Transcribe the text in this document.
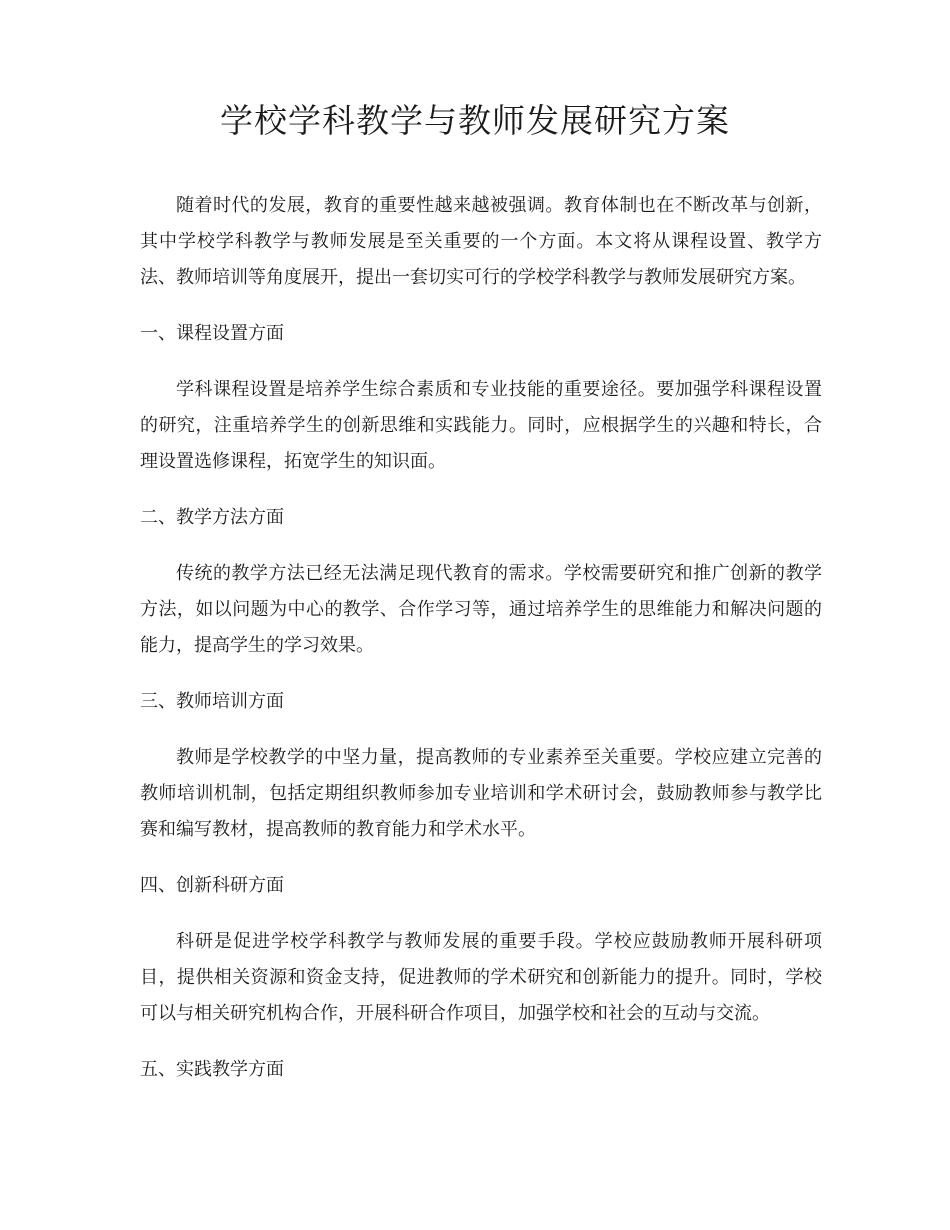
学校学科教学与教师发展研究方案

随着时代的发展，教育的重要性越来越被强调。教育体制也在不断改革与创新，其中学校学科教学与教师发展是至关重要的一个方面。本文将从课程设置、教学方法、教师培训等角度展开，提出一套切实可行的学校学科教学与教师发展研究方案。

一、课程设置方面

学科课程设置是培养学生综合素质和专业技能的重要途径。要加强学科课程设置的研究，注重培养学生的创新思维和实践能力。同时，应根据学生的兴趣和特长，合理设置选修课程，拓宽学生的知识面。

二、教学方法方面

传统的教学方法已经无法满足现代教育的需求。学校需要研究和推广创新的教学方法，如以问题为中心的教学、合作学习等，通过培养学生的思维能力和解决问题的能力，提高学生的学习效果。

三、教师培训方面

教师是学校教学的中坚力量，提高教师的专业素养至关重要。学校应建立完善的教师培训机制，包括定期组织教师参加专业培训和学术研讨会，鼓励教师参与教学比赛和编写教材，提高教师的教育能力和学术水平。

四、创新科研方面

科研是促进学校学科教学与教师发展的重要手段。学校应鼓励教师开展科研项目，提供相关资源和资金支持，促进教师的学术研究和创新能力的提升。同时，学校可以与相关研究机构合作，开展科研合作项目，加强学校和社会的互动与交流。

五、实践教学方面
